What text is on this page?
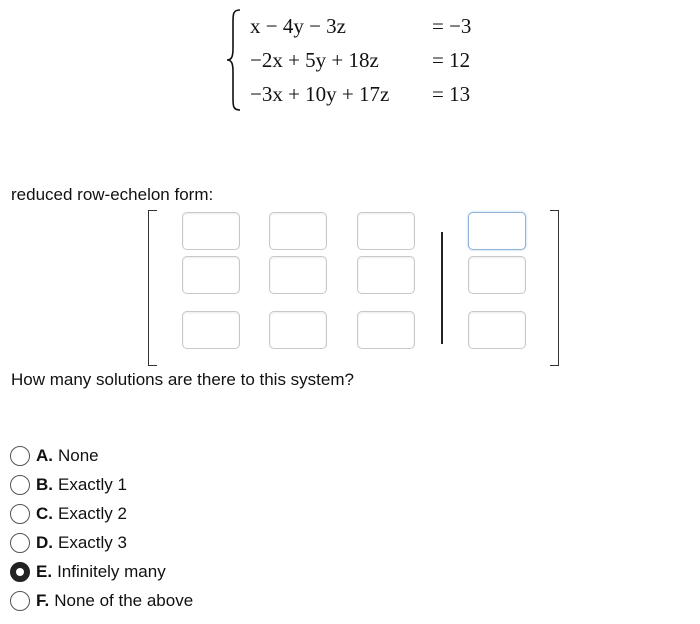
x − 4y − 3z	= −3
−2x + 5y + 18z	= 12
−3x + 10y + 17z = 13
reduced row-echelon form:
How many solutions are there to this system?
A. None
B. Exactly 1
C. Exactly 2
D. Exactly 3
E. Infinitely many
F. None of the above
